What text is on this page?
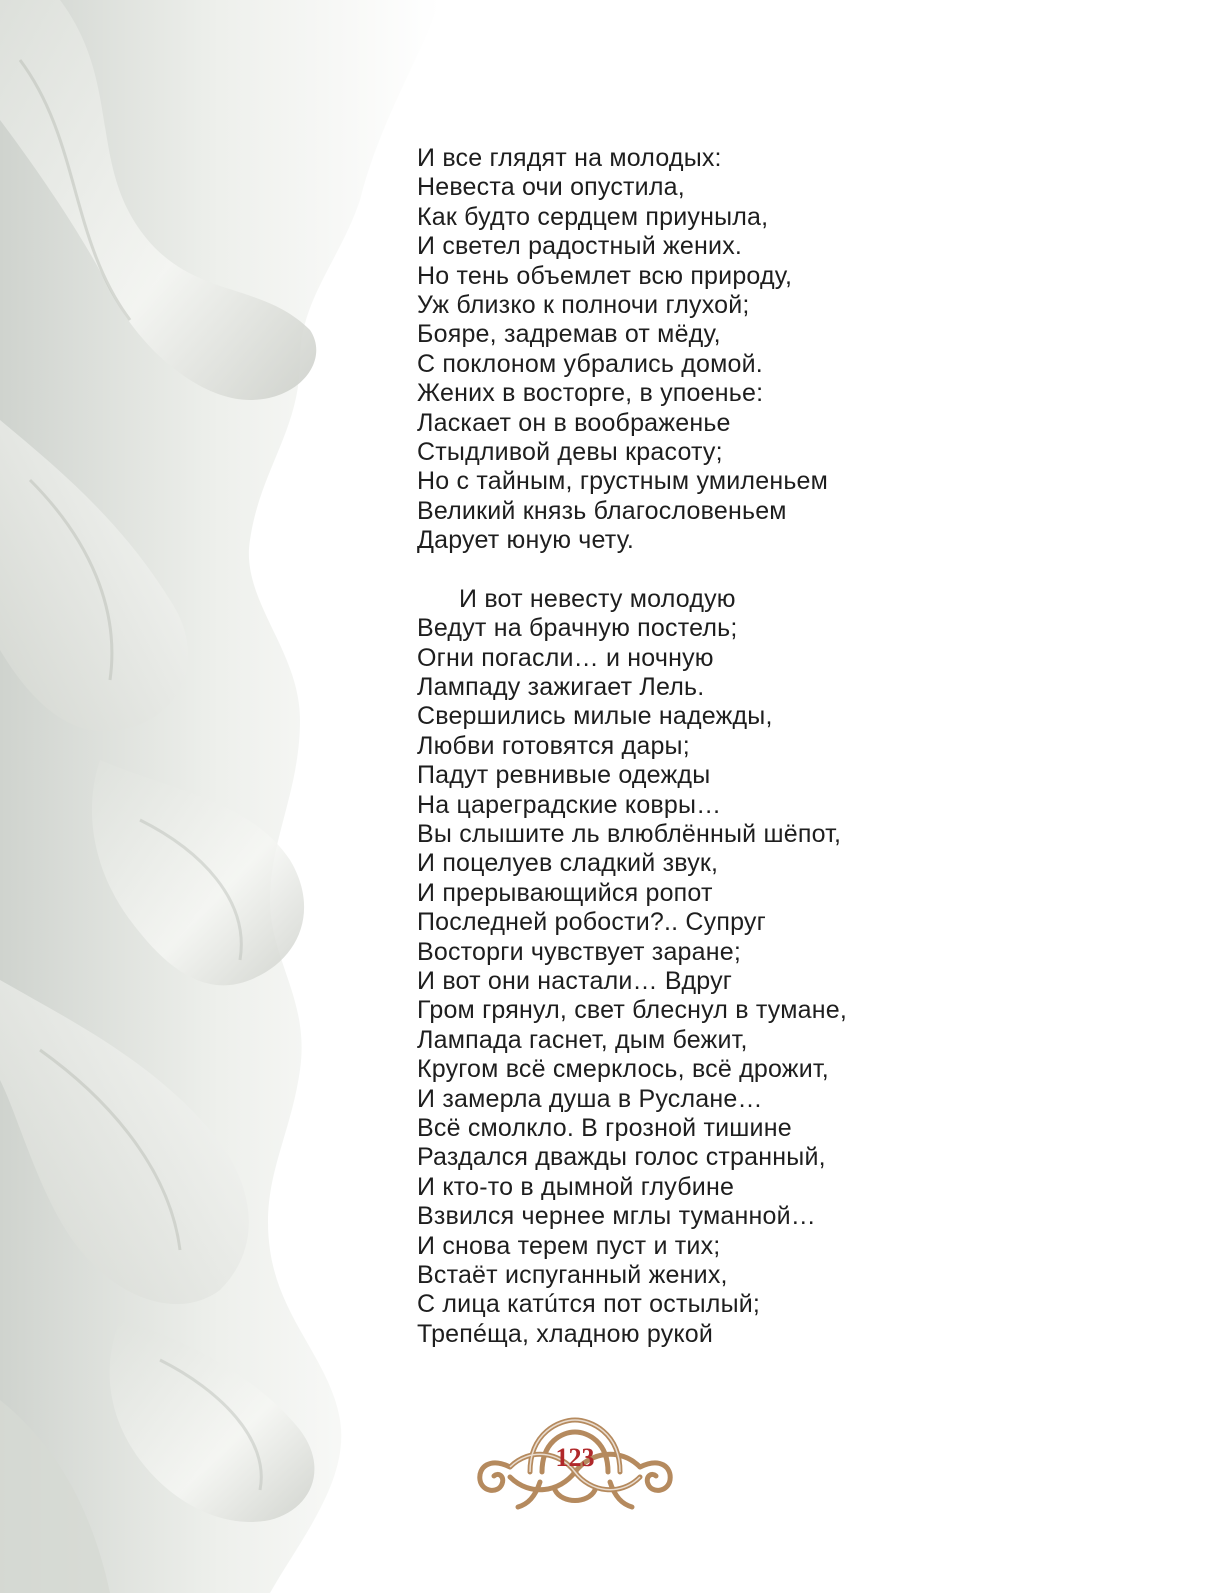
И все глядят на молодых:
Невеста очи опустила,
Как будто сердцем приуныла,
И светел радостный жених.
Но тень объемлет всю природу,
Уж близко к полночи глухой;
Бояре, задремав от мёду,
С поклоном убрались домой.
Жених в восторге, в упоенье:
Ласкает он в воображенье
Стыдливой девы красоту;
Но с тайным, грустным умиленьем
Великий князь благословеньем
Дарует юную чету.
И вот невесту молодую
Ведут на брачную постель;
Огни погасли… и ночную
Лампаду зажигает Лель.
Свершились милые надежды,
Любви готовятся дары;
Падут ревнивые одежды
На цареградские ковры…
Вы слышите ль влюблённый шёпот,
И поцелуев сладкий звук,
И прерывающийся ропот
Последней робости?.. Супруг
Восторги чувствует заране;
И вот они настали… Вдруг
Гром грянул, свет блеснул в тумане,
Лампада гаснет, дым бежит,
Кругом всё смерклось, всё дрожит,
И замерла душа в Руслане…
Всё смолкло. В грозной тишине
Раздался дважды голос странный,
И кто-то в дымной глубине
Взвился чернее мглы туманной…
И снова терем пуст и тих;
Встаёт испуганный жених,
С лица катúтся пот остылый;
Трепéща, хладною рукой
123
